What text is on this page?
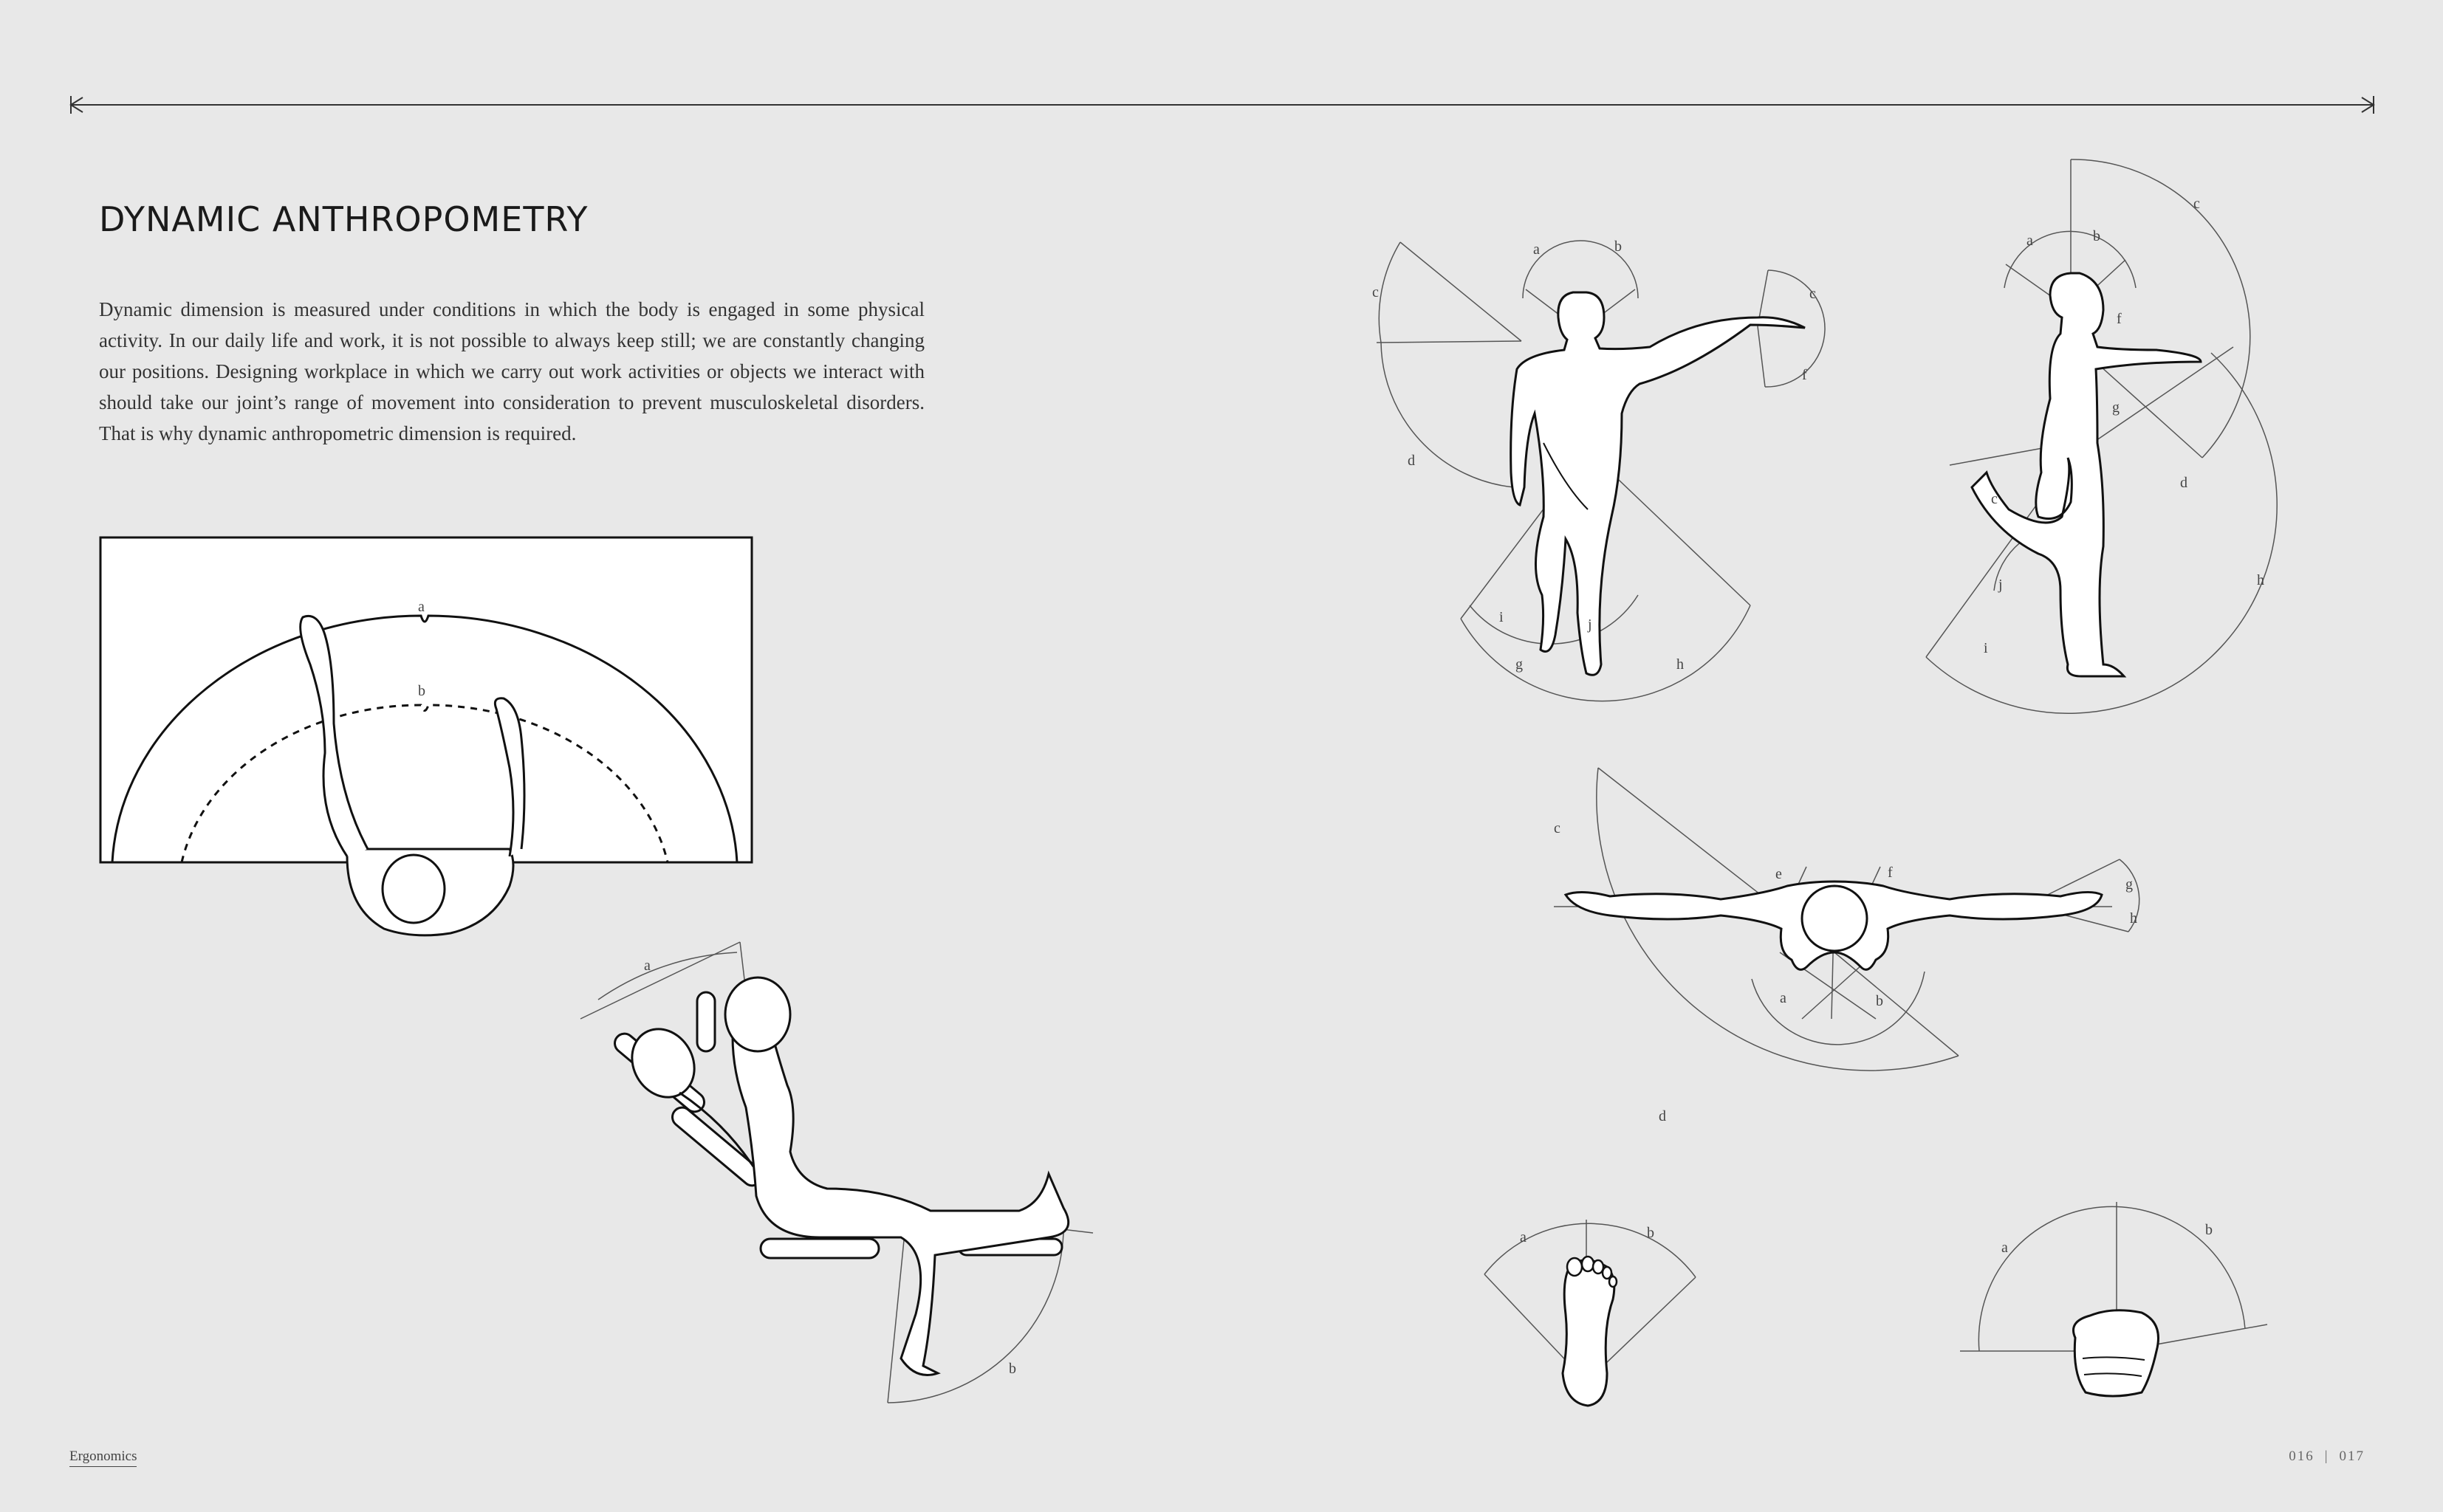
a
b
a
b
a	b
c	c
d
f
g	h
i	j
a	b
c
c
d
f
g
h
i
j
c
d
e	f
g
h
a	b
a	b
a
b
DYNAMIC ANTHROPOMETRY

Dynamic dimension is measured under conditions in which the body is engaged in some physical activity. In our daily life and work, it is not possible to always keep still; we are constantly changing our positions. Designing workplace in which we carry out work activities or objects we interact with should take our joint’s range of movement into consideration to prevent musculoskeletal disorders. That is why dynamic anthropometric dimension is required.

Ergonomics	016 | 017
